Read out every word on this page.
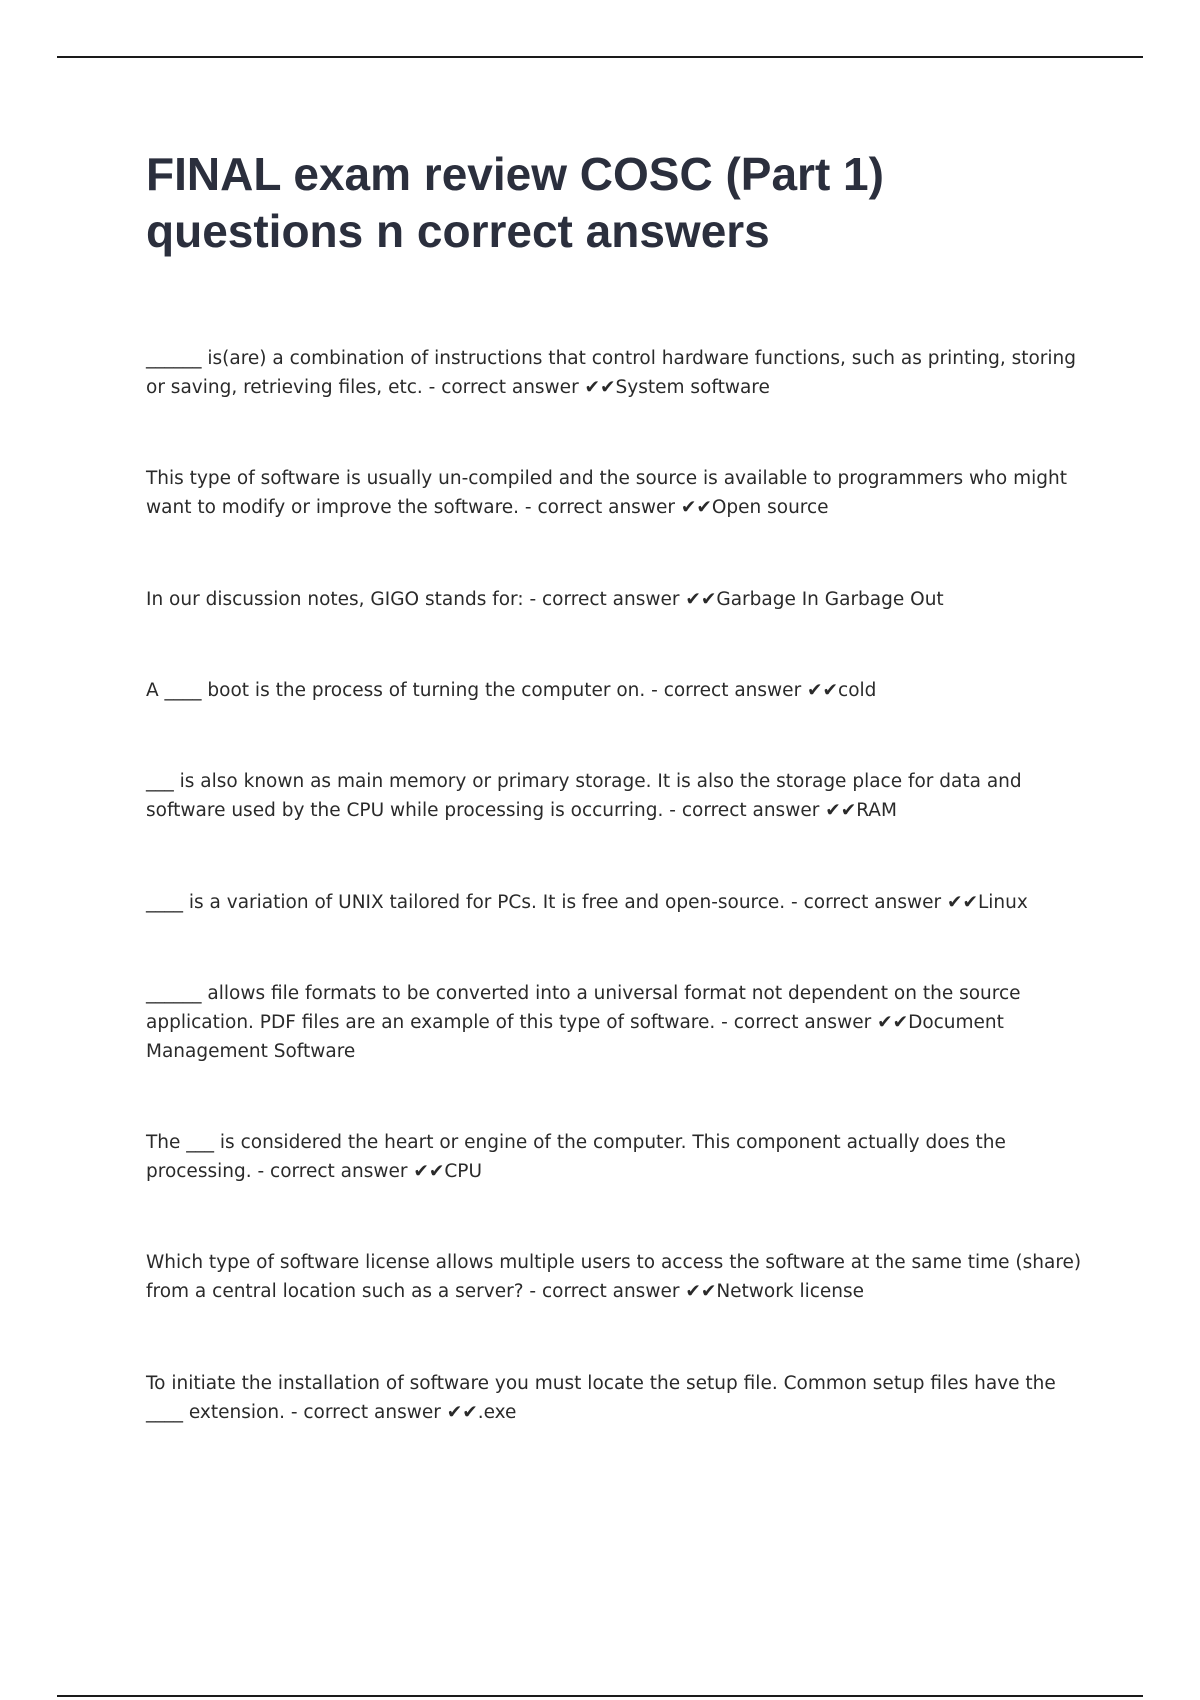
FINAL exam review COSC (Part 1) questions n correct answers

______ is(are) a combination of instructions that control hardware functions, such as printing, storing or saving, retrieving files, etc. - correct answer ✔✔System software

This type of software is usually un-compiled and the source is available to programmers who might want to modify or improve the software. - correct answer ✔✔Open source

In our discussion notes, GIGO stands for: - correct answer ✔✔Garbage In Garbage Out

A ____ boot is the process of turning the computer on. - correct answer ✔✔cold

___ is also known as main memory or primary storage. It is also the storage place for data and software used by the CPU while processing is occurring. - correct answer ✔✔RAM

____ is a variation of UNIX tailored for PCs. It is free and open-source. - correct answer ✔✔Linux

______ allows file formats to be converted into a universal format not dependent on the source application. PDF files are an example of this type of software. - correct answer ✔✔Document Management Software

The ___ is considered the heart or engine of the computer. This component actually does the processing. - correct answer ✔✔CPU

Which type of software license allows multiple users to access the software at the same time (share) from a central location such as a server? - correct answer ✔✔Network license

To initiate the installation of software you must locate the setup file. Common setup files have the ____ extension. - correct answer ✔✔.exe
